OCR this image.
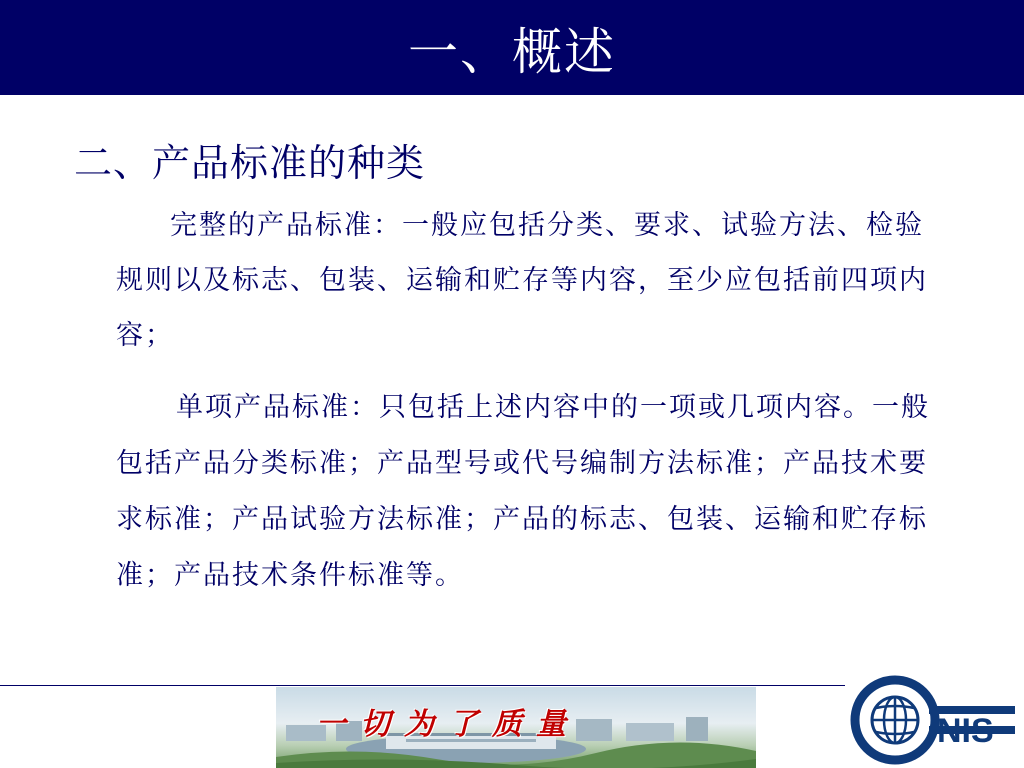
一、概述
二、产品标准的种类
完整的产品标准：一般应包括分类、要求、试验方法、检验规则以及标志、包装、运输和贮存等内容，至少应包括前四项内容；
单项产品标准：只包括上述内容中的一项或几项内容。一般包括产品分类标准；产品型号或代号编制方法标准；产品技术要求标准；产品试验方法标准；产品的标志、包装、运输和贮存标准；产品技术条件标准等。
一切为了质量	NIS
